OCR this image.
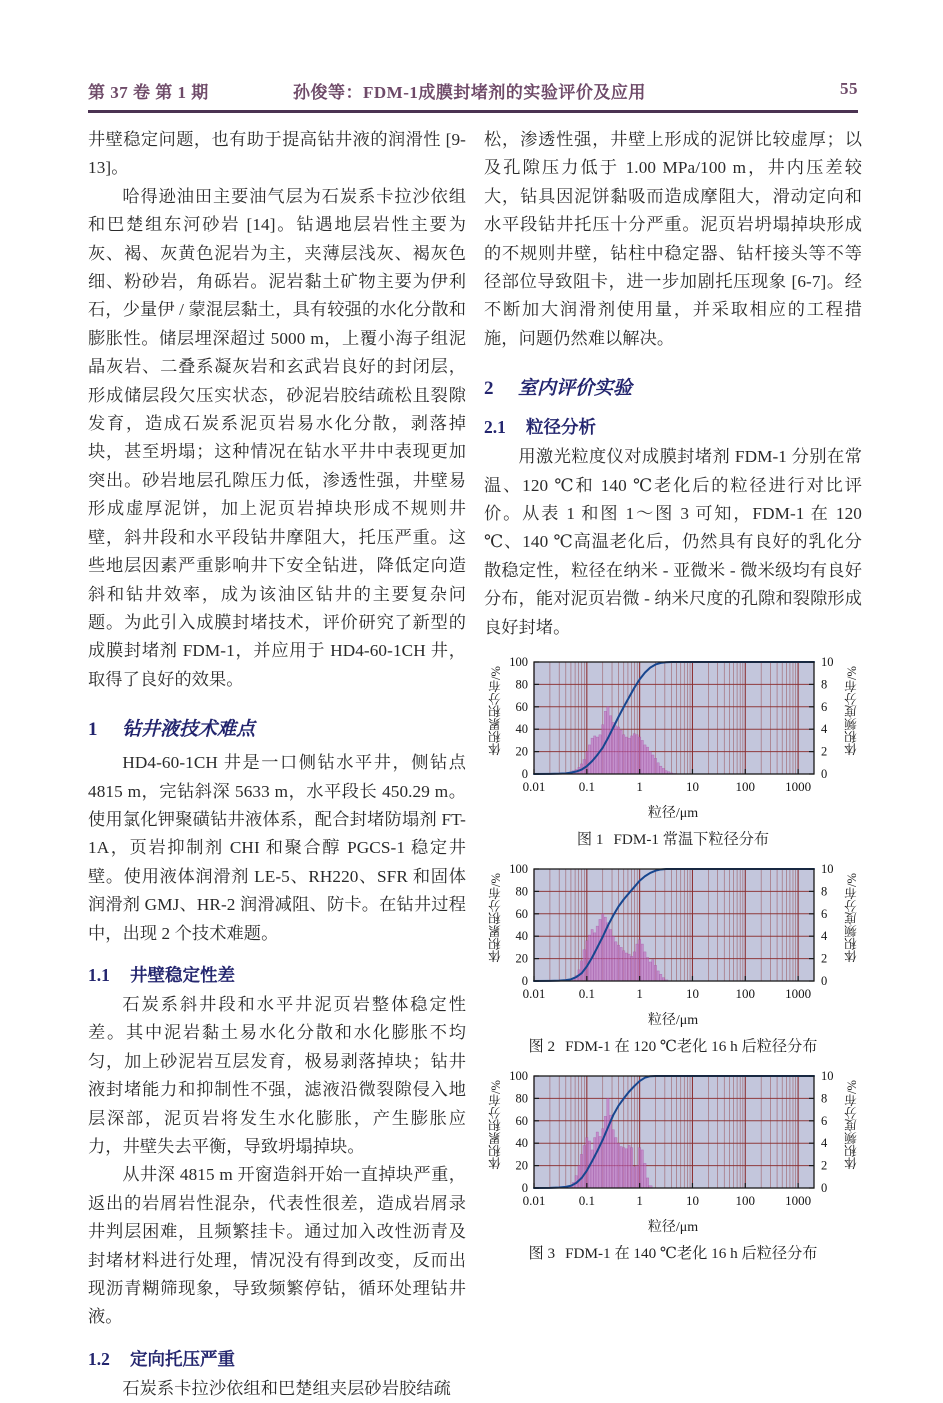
第 37 卷 第 1 期	孙俊等：FDM-1成膜封堵剂的实验评价及应用	55

井壁稳定问题，也有助于提高钻井液的润滑性 [9-13]。

哈得逊油田主要油气层为石炭系卡拉沙依组和巴楚组东河砂岩 [14]。钻遇地层岩性主要为灰、褐、灰黄色泥岩为主，夹薄层浅灰、褐灰色细、粉砂岩，角砾岩。泥岩黏土矿物主要为伊利石，少量伊 / 蒙混层黏土，具有较强的水化分散和膨胀性。储层埋深超过 5000 m，上覆小海子组泥晶灰岩、二叠系凝灰岩和玄武岩良好的封闭层，形成储层段欠压实状态，砂泥岩胶结疏松且裂隙发育，造成石炭系泥页岩易水化分散，剥落掉块，甚至坍塌；这种情况在钻水平井中表现更加突出。砂岩地层孔隙压力低，渗透性强，井壁易形成虚厚泥饼，加上泥页岩掉块形成不规则井壁，斜井段和水平段钻井摩阻大，托压严重。这些地层因素严重影响井下安全钻进，降低定向造斜和钻井效率，成为该油区钻井的主要复杂问题。为此引入成膜封堵技术，评价研究了新型的成膜封堵剂 FDM-1，并应用于 HD4-60-1CH 井，取得了良好的效果。

1 钻井液技术难点

HD4-60-1CH 井是一口侧钻水平井，侧钻点 4815 m，完钻斜深 5633 m，水平段长 450.29 m。使用氯化钾聚磺钻井液体系，配合封堵防塌剂 FT-1A，页岩抑制剂 CHI 和聚合醇 PGCS-1 稳定井壁。使用液体润滑剂 LE-5、RH220、SFR 和固体润滑剂 GMJ、HR-2 润滑减阻、防卡。在钻井过程中，出现 2 个技术难题。

1.1 井壁稳定性差

石炭系斜井段和水平井泥页岩整体稳定性差。其中泥岩黏土易水化分散和水化膨胀不均匀，加上砂泥岩互层发育，极易剥落掉块；钻井液封堵能力和抑制性不强，滤液沿微裂隙侵入地层深部，泥页岩将发生水化膨胀，产生膨胀应力，井壁失去平衡，导致坍塌掉块。

从井深 4815 m 开窗造斜开始一直掉块严重，返出的岩屑岩性混杂，代表性很差，造成岩屑录井判层困难，且频繁挂卡。通过加入改性沥青及封堵材料进行处理，情况没有得到改变，反而出现沥青糊筛现象，导致频繁停钻，循环处理钻井液。

1.2 定向托压严重

石炭系卡拉沙依组和巴楚组夹层砂岩胶结疏

松，渗透性强，井壁上形成的泥饼比较虚厚；以及孔隙压力低于 1.00 MPa/100 m，井内压差较大，钻具因泥饼黏吸而造成摩阻大，滑动定向和水平段钻井托压十分严重。泥页岩坍塌掉块形成的不规则井壁，钻柱中稳定器、钻杆接头等不等径部位导致阻卡，进一步加剧托压现象 [6-7]。经不断加大润滑剂使用量，并采取相应的工程措施，问题仍然难以解决。

2 室内评价实验
2.1 粒径分析

用激光粒度仪对成膜封堵剂 FDM-1 分别在常温、120 ℃和 140 ℃老化后的粒径进行对比评价。从表 1 和图 1～图 3 可知，FDM-1 在 120 ℃、140 ℃高温老化后，仍然具有良好的乳化分散稳定性，粒径在纳米 - 亚微米 - 微米级均有良好分布，能对泥页岩微 - 纳米尺度的孔隙和裂隙形成良好封堵。

体积累积分布/%	体积频度分布/%
0
20
40
60
80
100
0
2
4
6
8
10
0.01	0.1	1	10	100 1000
粒径/μm
图 1 FDM-1 常温下粒径分布
体积累积分布/%	体积频度分布/%
0
20
40
60
80
100
0
2
4
6
8
10
0.01	0.1	1	10	100 1000
粒径/μm
图 2 FDM-1 在 120 ℃老化 16 h 后粒径分布
体积累积分布/%	体积频度分布/%
0
20
40
60
80
100
0
2
4
6
8
10
0.01	0.1	1	10	100 1000
粒径/μm
图 3 FDM-1 在 140 ℃老化 16 h 后粒径分布
